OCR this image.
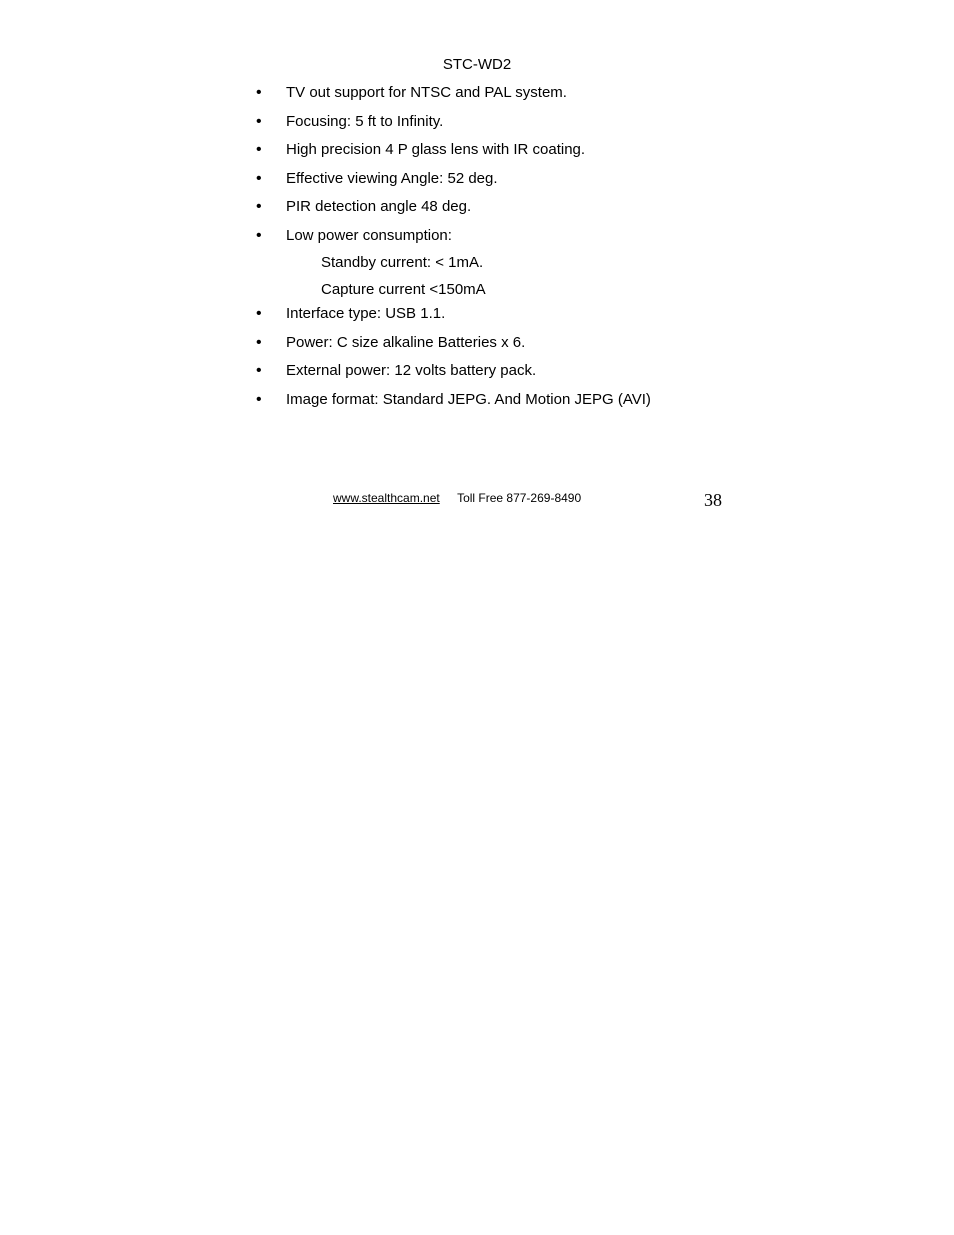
STC-WD2
• TV out support for NTSC and PAL system.
• Focusing: 5 ft to Infinity.
• High precision 4 P glass lens with IR coating.
• Effective viewing Angle: 52 deg.
• PIR detection angle 48 deg.
• Low power consumption:
Standby current: < 1mA.
Capture current <150mA
• Interface type: USB 1.1.
• Power: C size alkaline Batteries x 6.
• External power: 12 volts battery pack.
• Image format: Standard JEPG. And Motion JEPG (AVI)
www.stealthcam.net Toll Free 877-269-8490	38
